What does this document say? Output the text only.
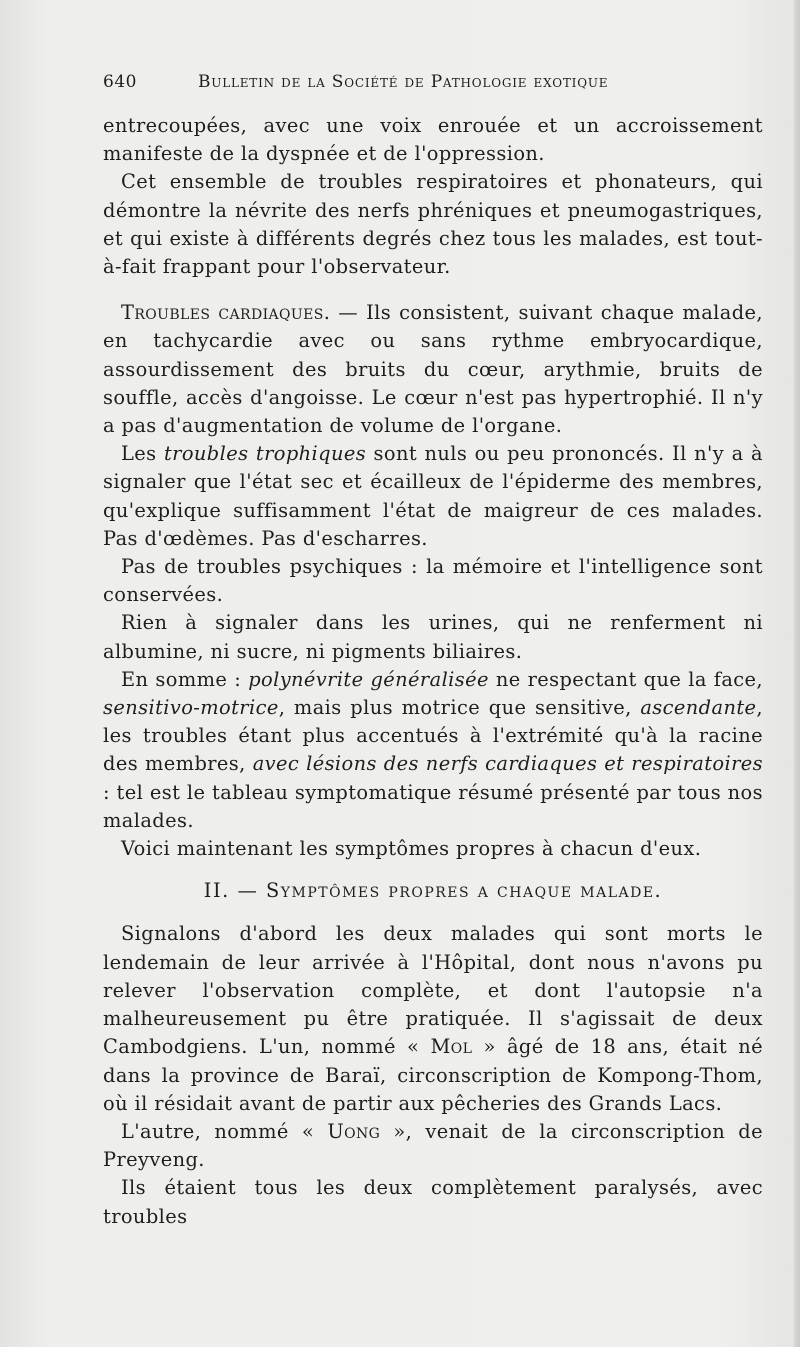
640	Bulletin de la Société de Pathologie exotique

entrecoupées, avec une voix enrouée et un accroissement manifeste de la dyspnée et de l'oppression.

Cet ensemble de troubles respiratoires et phonateurs, qui démontre la névrite des nerfs phréniques et pneumogastriques, et qui existe à différents degrés chez tous les malades, est tout-à-fait frappant pour l'observateur.

Troubles cardiaques. — Ils consistent, suivant chaque malade, en tachycardie avec ou sans rythme embryocardique, assourdissement des bruits du cœur, arythmie, bruits de souffle, accès d'angoisse. Le cœur n'est pas hypertrophié. Il n'y a pas d'augmentation de volume de l'organe.

Les troubles trophiques sont nuls ou peu prononcés. Il n'y a à signaler que l'état sec et écailleux de l'épiderme des membres, qu'explique suffisamment l'état de maigreur de ces malades. Pas d'œdèmes. Pas d'escharres.

Pas de troubles psychiques : la mémoire et l'intelligence sont conservées.

Rien à signaler dans les urines, qui ne renferment ni albumine, ni sucre, ni pigments biliaires.

En somme : polynévrite généralisée ne respectant que la face, sensitivo-motrice, mais plus motrice que sensitive, ascendante, les troubles étant plus accentués à l'extrémité qu'à la racine des membres, avec lésions des nerfs cardiaques et respiratoires : tel est le tableau symptomatique résumé présenté par tous nos malades.

Voici maintenant les symptômes propres à chacun d'eux.

II. — Symptômes propres a chaque malade.

Signalons d'abord les deux malades qui sont morts le lendemain de leur arrivée à l'Hôpital, dont nous n'avons pu relever l'observation complète, et dont l'autopsie n'a malheureusement pu être pratiquée. Il s'agissait de deux Cambodgiens. L'un, nommé « Mol » âgé de 18 ans, était né dans la province de Baraï, circonscription de Kompong-Thom, où il résidait avant de partir aux pêcheries des Grands Lacs.

L'autre, nommé « Uong », venait de la circonscription de Preyveng.

Ils étaient tous les deux complètement paralysés, avec troubles
